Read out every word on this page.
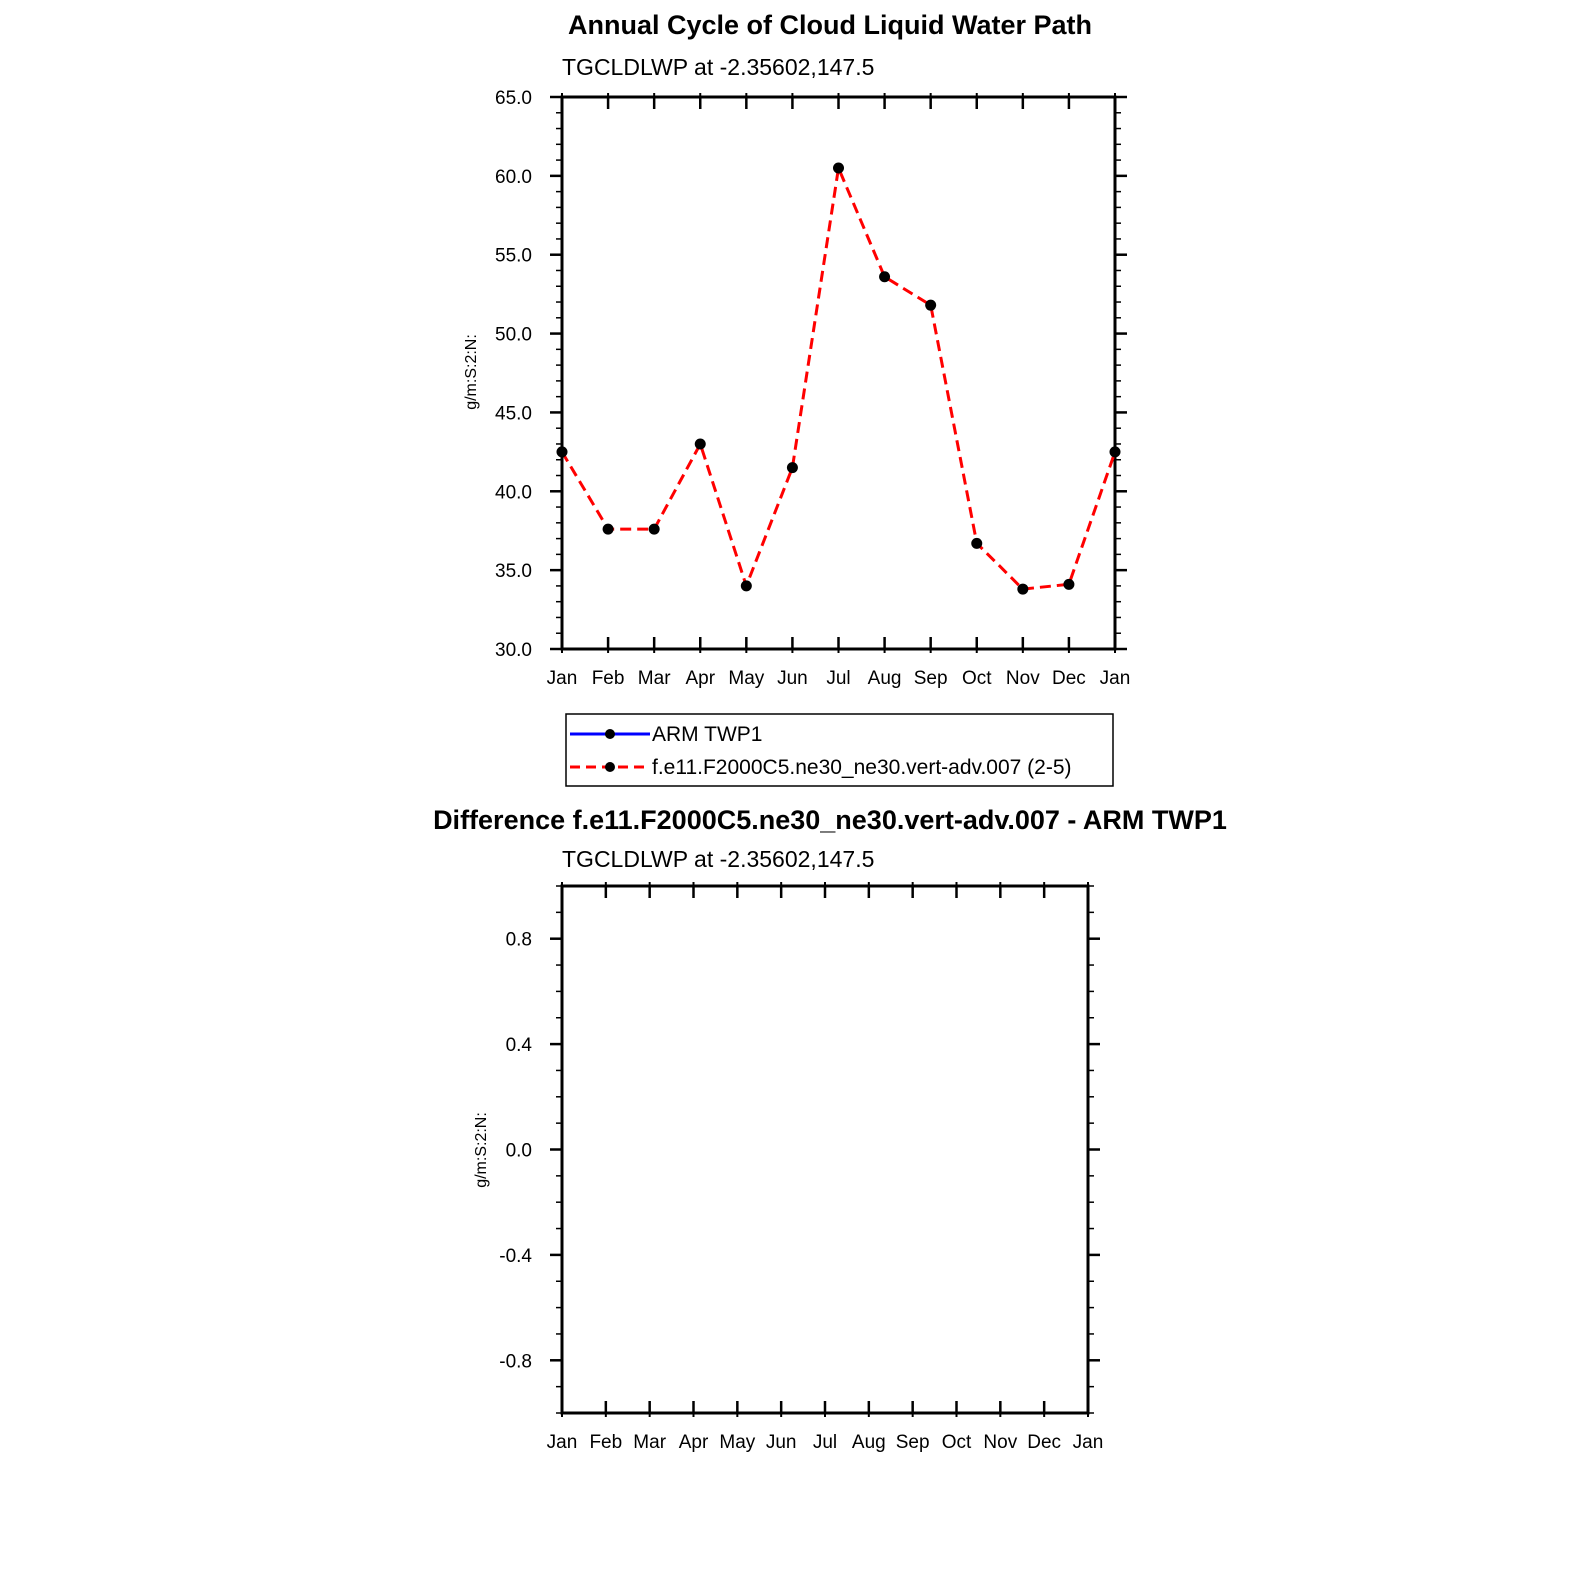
Annual Cycle of Cloud Liquid Water Path
TGCLDLWP at -2.35602,147.5
g/m:S:2:N:
30.0
35.0
40.0
45.0
50.0
55.0
60.0
65.0
Jan Feb Mar Apr May Jun Jul Aug Sep Oct Nov Dec Jan
ARM TWP1
f.e11.F2000C5.ne30_ne30.vert-adv.007 (2-5)
Difference f.e11.F2000C5.ne30_ne30.vert-adv.007 - ARM TWP1
TGCLDLWP at -2.35602,147.5
g/m:S:2:N:
-0.8
-0.4
0.0
0.4
0.8
Jan Feb Mar Apr May Jun Jul Aug Sep Oct Nov Dec Jan
